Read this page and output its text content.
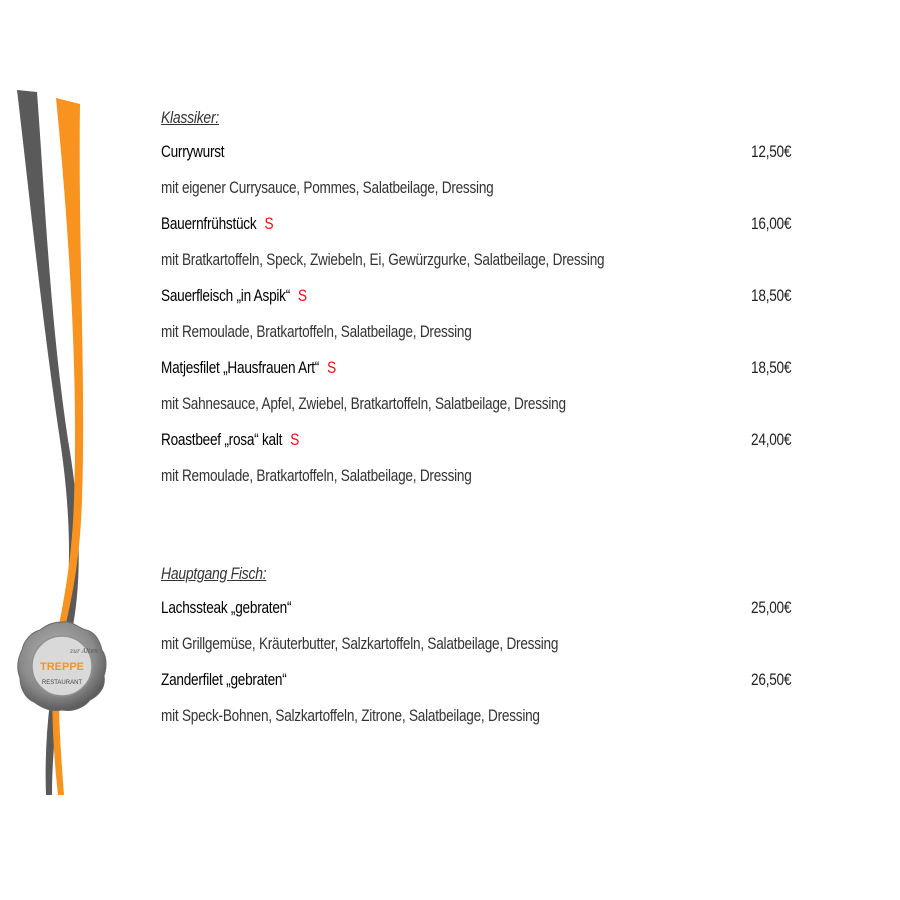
zur Alten
TREPPE
RESTAURANT
Klassiker:
Currywurst	12,50€
mit eigener Currysauce, Pommes, Salatbeilage, Dressing
Bauernfrühstück S	16,00€
mit Bratkartoffeln, Speck, Zwiebeln, Ei, Gewürzgurke, Salatbeilage, Dressing
Sauerfleisch „in Aspik“ S	18,50€
mit Remoulade, Bratkartoffeln, Salatbeilage, Dressing
Matjesfilet „Hausfrauen Art“ S	18,50€
mit Sahnesauce, Apfel, Zwiebel, Bratkartoffeln, Salatbeilage, Dressing
Roastbeef „rosa“ kalt S	24,00€
mit Remoulade, Bratkartoffeln, Salatbeilage, Dressing
Hauptgang Fisch:
Lachssteak „gebraten“	25,00€
mit Grillgemüse, Kräuterbutter, Salzkartoffeln, Salatbeilage, Dressing
Zanderfilet „gebraten“	26,50€
mit Speck-Bohnen, Salzkartoffeln, Zitrone, Salatbeilage, Dressing
